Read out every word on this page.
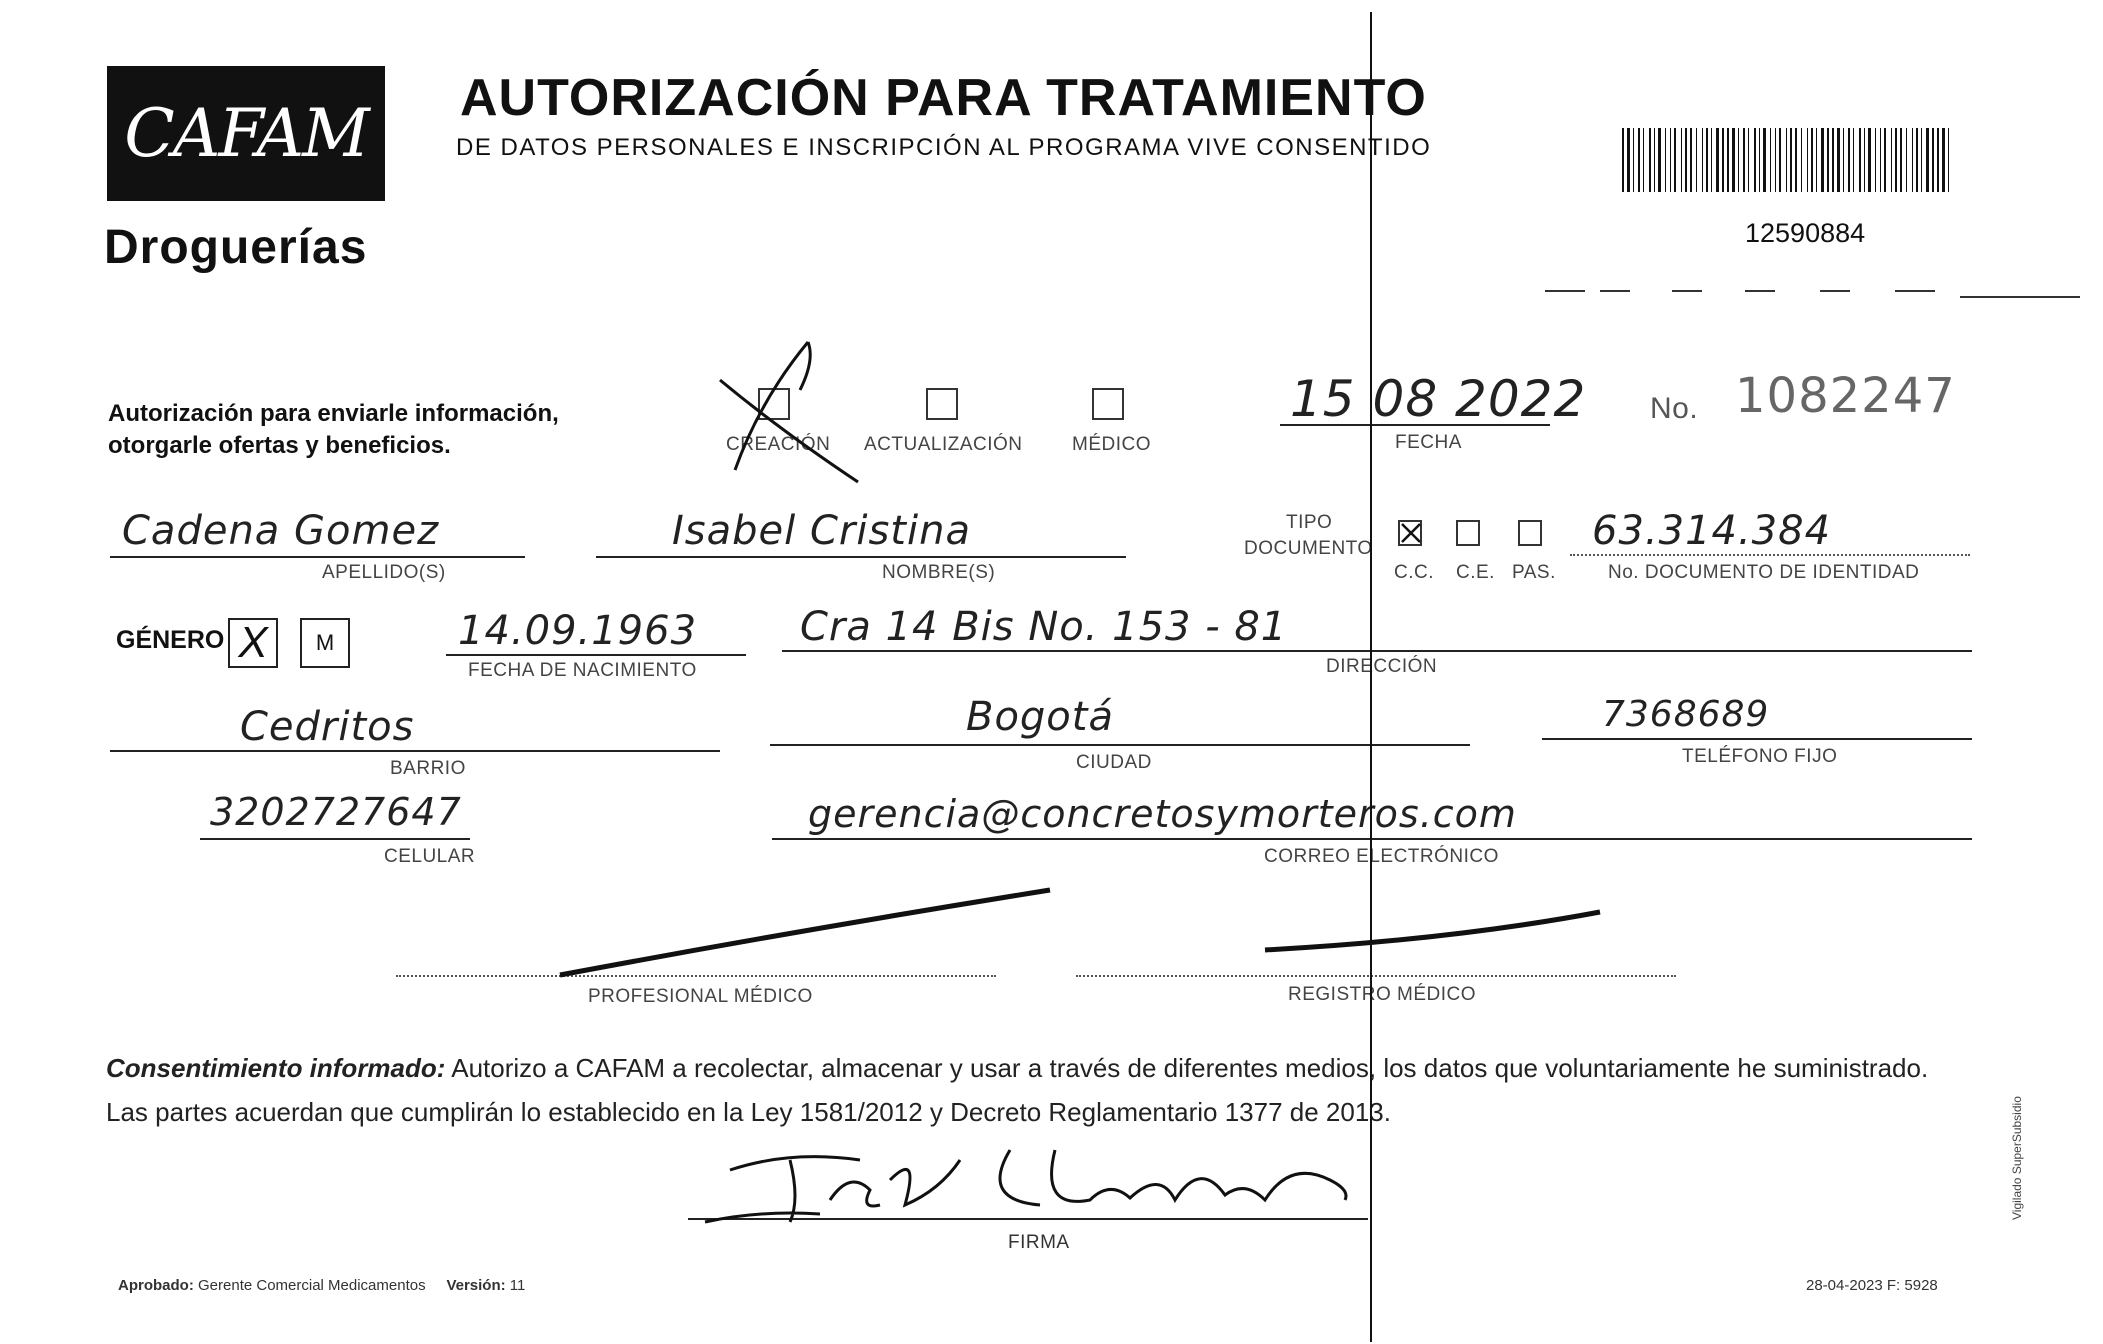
CAFAM
Droguerías
AUTORIZACIÓN PARA TRATAMIENTO
DE DATOS PERSONALES E INSCRIPCIÓN AL PROGRAMA VIVE CONSENTIDO
12590884
Autorización para enviarle información,
otorgarle ofertas y beneficios.	CREACIÓN ACTUALIZACIÓN	MÉDICO
15 08 2022
FECHA
No. 1082247
Cadena Gomez
APELLIDO(S)
Isabel Cristina
NOMBRE(S)
TIPO
DOCUMENTO
C.C. C.E. PAS.
63.314.384
No. DOCUMENTO DE IDENTIDAD
GÉNERO X M	14.09.1963
FECHA DE NACIMIENTO
Cra 14 Bis No. 153 - 81
DIRECCIÓN
Cedritos
BARRIO
Bogotá
CIUDAD
7368689
TELÉFONO FIJO
3202727647
CELULAR
gerencia@concretosymorteros.com
CORREO ELECTRÓNICO
PROFESIONAL MÉDICO	REGISTRO MÉDICO
Consentimiento informado: Autorizo a CAFAM a recolectar, almacenar y usar a través de diferentes medios, los datos que voluntariamente he suministrado.
Las partes acuerdan que cumplirán lo establecido en la Ley 1581/2012 y Decreto Reglamentario 1377 de 2013.
FIRMA
Aprobado: Gerente Comercial Medicamentos Versión: 11	28-04-2023 F: 5928
Vigilado SuperSubsidio
